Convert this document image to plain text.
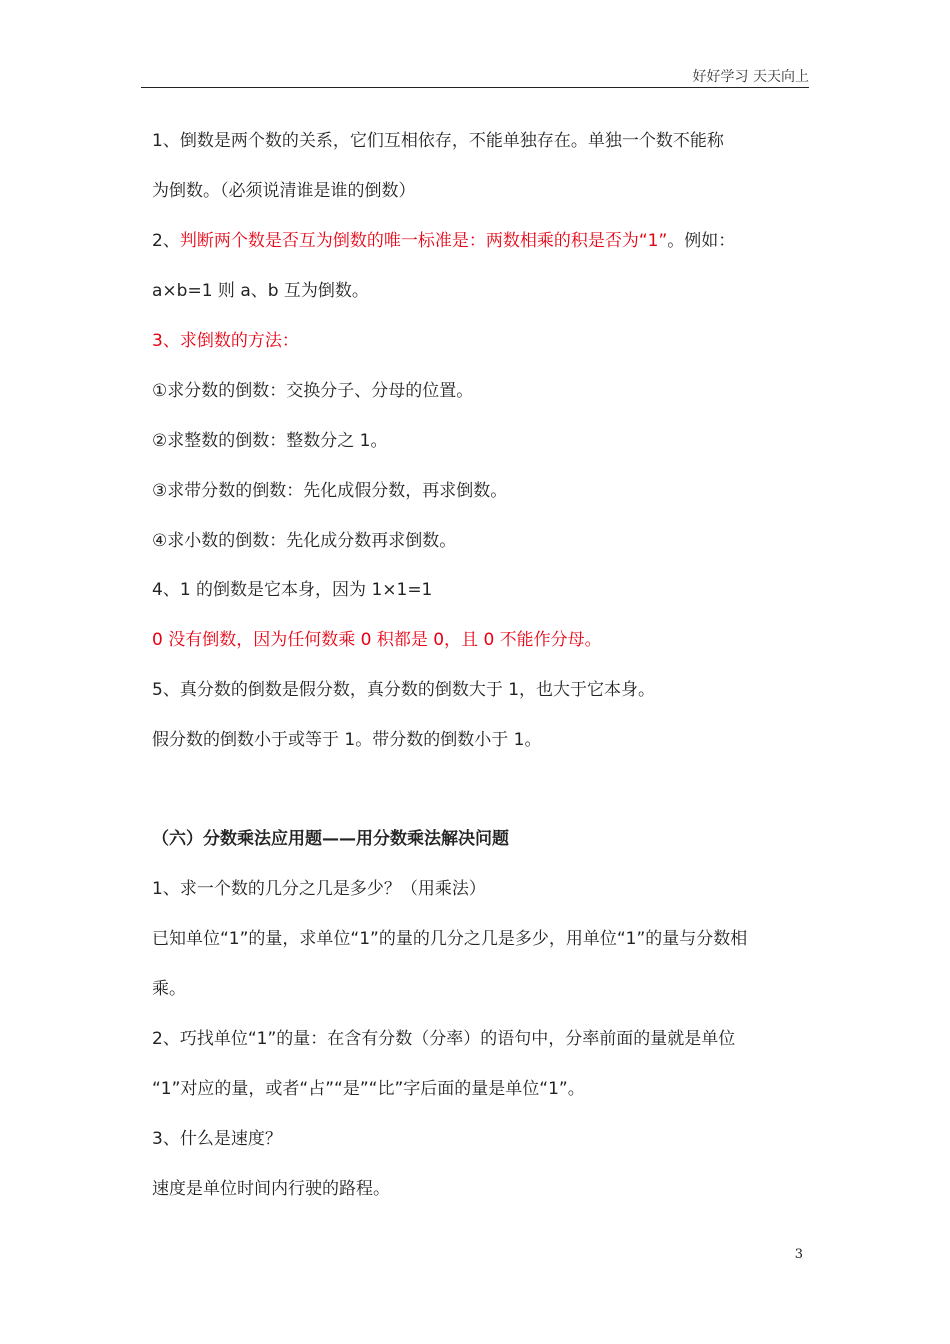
好好学习 天天向上
1、倒数是两个数的关系，它们互相依存，不能单独存在。单独一个数不能称
为倒数。（必须说清谁是谁的倒数）
2、判断两个数是否互为倒数的唯一标准是：两数相乘的积是否为“1”。例如：
a×b=1 则 a、b 互为倒数。
3、求倒数的方法：
①求分数的倒数：交换分子、分母的位置。
②求整数的倒数：整数分之 1。
③求带分数的倒数：先化成假分数，再求倒数。
④求小数的倒数：先化成分数再求倒数。
4、1 的倒数是它本身，因为 1×1=1
0 没有倒数，因为任何数乘 0 积都是 0，且 0 不能作分母。
5、真分数的倒数是假分数，真分数的倒数大于 1，也大于它本身。
假分数的倒数小于或等于 1。带分数的倒数小于 1。
（六）分数乘法应用题——用分数乘法解决问题
1、求一个数的几分之几是多少？（用乘法）
已知单位“1”的量，求单位“1”的量的几分之几是多少，用单位“1”的量与分数相
乘。
2、巧找单位“1”的量：在含有分数（分率）的语句中，分率前面的量就是单位
“1”对应的量，或者“占”“是”“比”字后面的量是单位“1”。
3、什么是速度？
速度是单位时间内行驶的路程。
3
